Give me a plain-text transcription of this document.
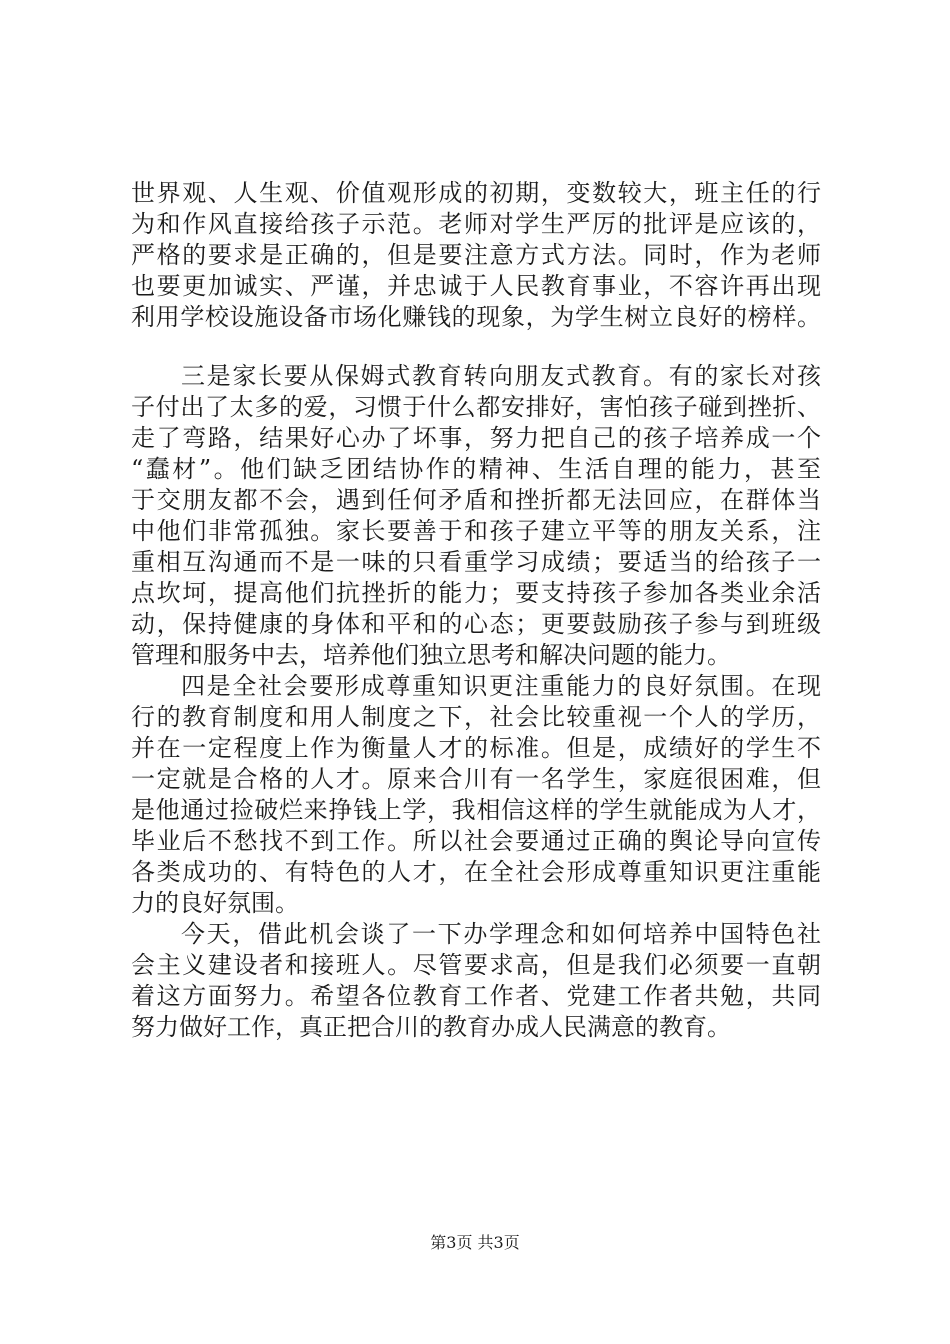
世界观、人生观、价值观形成的初期，变数较大，班主任的行
为和作风直接给孩子示范。老师对学生严厉的批评是应该的，
严格的要求是正确的，但是要注意方式方法。同时，作为老师
也要更加诚实、严谨，并忠诚于人民教育事业，不容许再出现
利用学校设施设备市场化赚钱的现象，为学生树立良好的榜样。
三是家长要从保姆式教育转向朋友式教育。有的家长对孩
子付出了太多的爱，习惯于什么都安排好，害怕孩子碰到挫折、
走了弯路，结果好心办了坏事，努力把自己的孩子培养成一个
“蠢材”。他们缺乏团结协作的精神、生活自理的能力，甚至
于交朋友都不会，遇到任何矛盾和挫折都无法回应，在群体当
中他们非常孤独。家长要善于和孩子建立平等的朋友关系，注
重相互沟通而不是一味的只看重学习成绩；要适当的给孩子一
点坎坷，提高他们抗挫折的能力；要支持孩子参加各类业余活
动，保持健康的身体和平和的心态；更要鼓励孩子参与到班级
管理和服务中去，培养他们独立思考和解决问题的能力。
四是全社会要形成尊重知识更注重能力的良好氛围。在现
行的教育制度和用人制度之下，社会比较重视一个人的学历，
并在一定程度上作为衡量人才的标准。但是，成绩好的学生不
一定就是合格的人才。原来合川有一名学生，家庭很困难，但
是他通过捡破烂来挣钱上学，我相信这样的学生就能成为人才，
毕业后不愁找不到工作。所以社会要通过正确的舆论导向宣传
各类成功的、有特色的人才，在全社会形成尊重知识更注重能
力的良好氛围。
今天，借此机会谈了一下办学理念和如何培养中国特色社
会主义建设者和接班人。尽管要求高，但是我们必须要一直朝
着这方面努力。希望各位教育工作者、党建工作者共勉，共同
努力做好工作，真正把合川的教育办成人民满意的教育。
第3页 共3页
